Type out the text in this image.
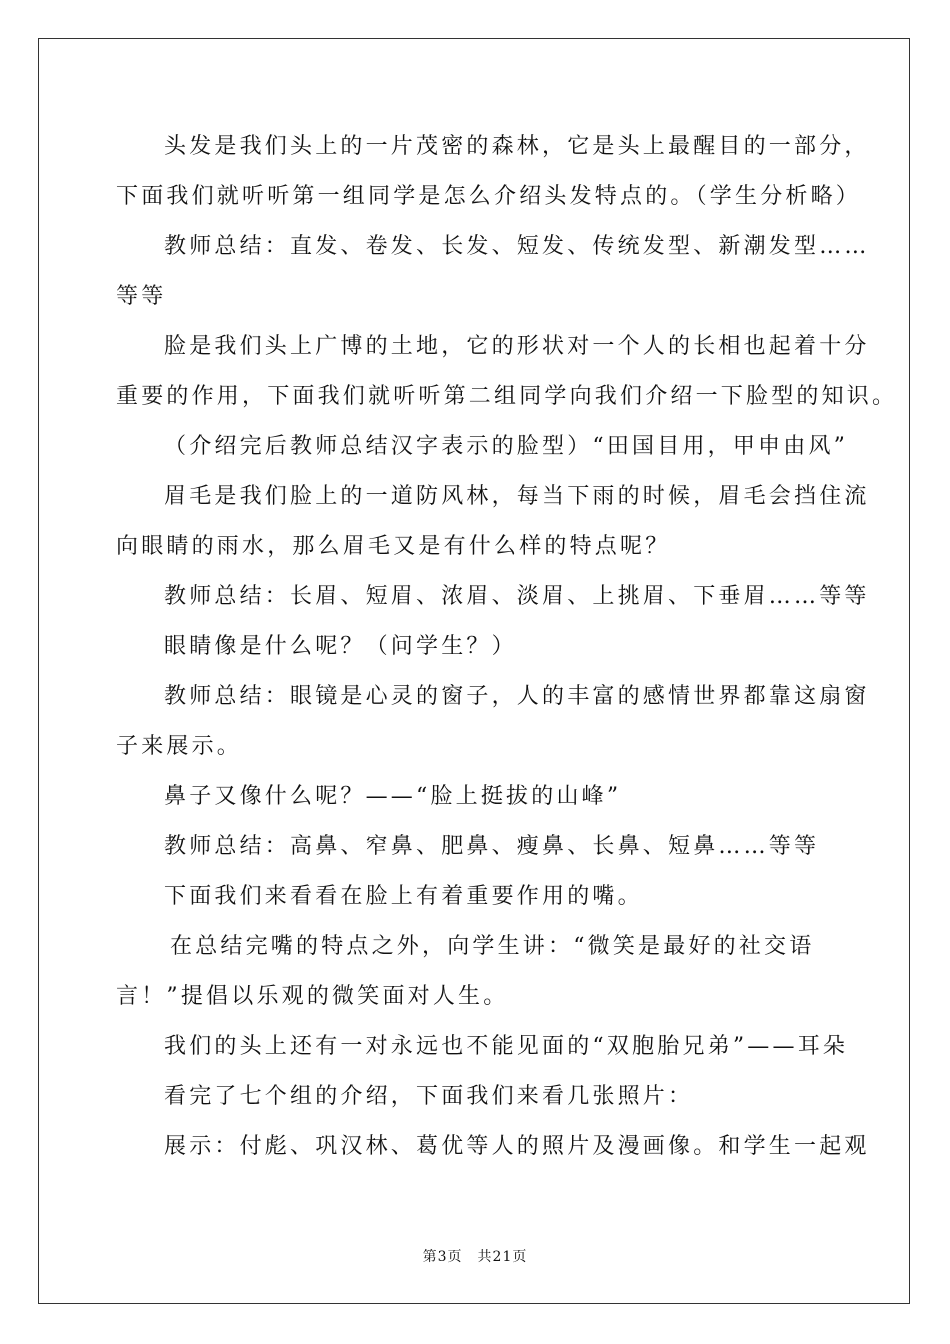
头发是我们头上的一片茂密的森林，它是头上最醒目的一部分，
下面我们就听听第一组同学是怎么介绍头发特点的。（学生分析略）
教师总结：直发、卷发、长发、短发、传统发型、新潮发型……
等等
脸是我们头上广博的土地，它的形状对一个人的长相也起着十分
重要的作用，下面我们就听听第二组同学向我们介绍一下脸型的知识。
（介绍完后教师总结汉字表示的脸型）“田国目用，甲申由风”
眉毛是我们脸上的一道防风林，每当下雨的时候，眉毛会挡住流
向眼睛的雨水，那么眉毛又是有什么样的特点呢？
教师总结：长眉、短眉、浓眉、淡眉、上挑眉、下垂眉……等等
眼睛像是什么呢？（问学生？）
教师总结：眼镜是心灵的窗子，人的丰富的感情世界都靠这扇窗
子来展示。
鼻子又像什么呢？——“脸上挺拔的山峰”
教师总结：高鼻、窄鼻、肥鼻、瘦鼻、长鼻、短鼻……等等
下面我们来看看在脸上有着重要作用的嘴。
在总结完嘴的特点之外，向学生讲：“微笑是最好的社交语
言！”提倡以乐观的微笑面对人生。
我们的头上还有一对永远也不能见面的“双胞胎兄弟”——耳朵
看完了七个组的介绍，下面我们来看几张照片：
展示：付彪、巩汉林、葛优等人的照片及漫画像。和学生一起观
第3页　共21页
